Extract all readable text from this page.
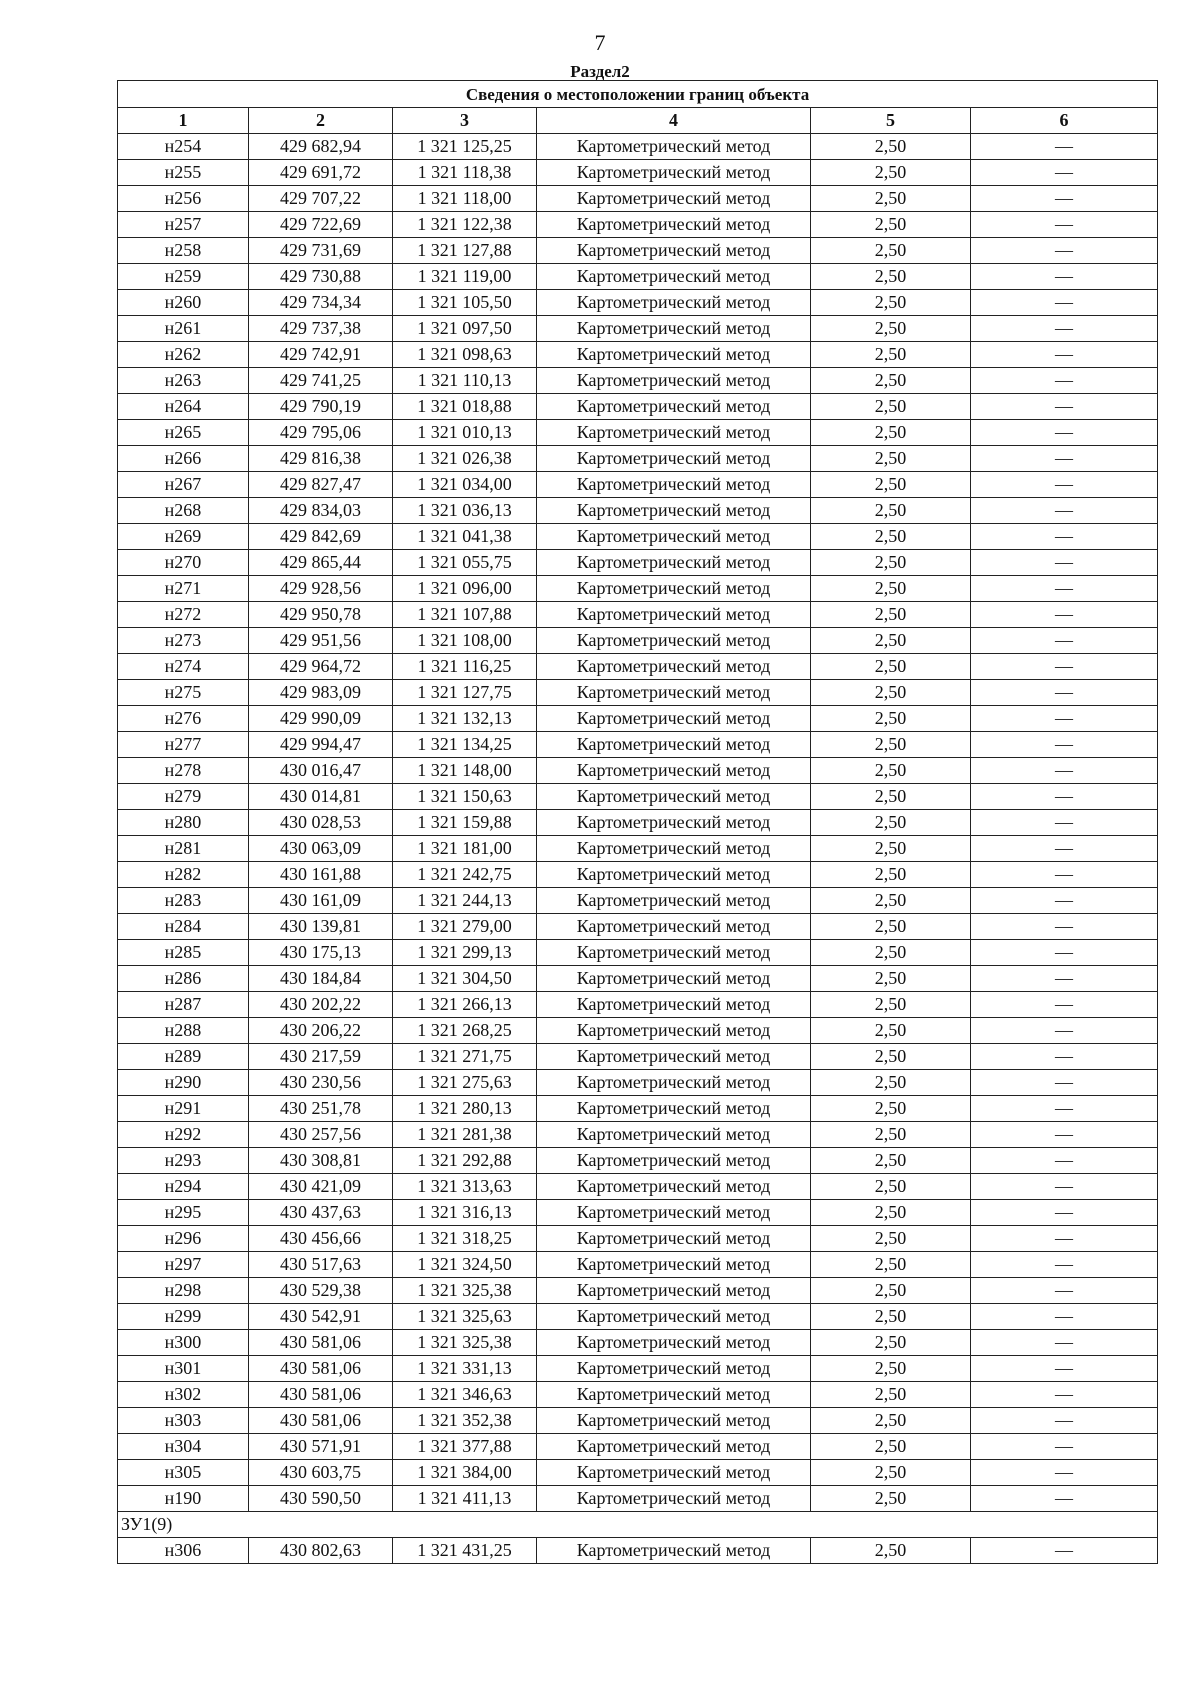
7
Раздел2
Сведения о местоположении границ объекта					
1	2	3	4	5	6
н254	429 682,94	1 321 125,25	Картометрический метод	2,50	—
н255	429 691,72	1 321 118,38	Картометрический метод	2,50	—
н256	429 707,22	1 321 118,00	Картометрический метод	2,50	—
н257	429 722,69	1 321 122,38	Картометрический метод	2,50	—
н258	429 731,69	1 321 127,88	Картометрический метод	2,50	—
н259	429 730,88	1 321 119,00	Картометрический метод	2,50	—
н260	429 734,34	1 321 105,50	Картометрический метод	2,50	—
н261	429 737,38	1 321 097,50	Картометрический метод	2,50	—
н262	429 742,91	1 321 098,63	Картометрический метод	2,50	—
н263	429 741,25	1 321 110,13	Картометрический метод	2,50	—
н264	429 790,19	1 321 018,88	Картометрический метод	2,50	—
н265	429 795,06	1 321 010,13	Картометрический метод	2,50	—
н266	429 816,38	1 321 026,38	Картометрический метод	2,50	—
н267	429 827,47	1 321 034,00	Картометрический метод	2,50	—
н268	429 834,03	1 321 036,13	Картометрический метод	2,50	—
н269	429 842,69	1 321 041,38	Картометрический метод	2,50	—
н270	429 865,44	1 321 055,75	Картометрический метод	2,50	—
н271	429 928,56	1 321 096,00	Картометрический метод	2,50	—
н272	429 950,78	1 321 107,88	Картометрический метод	2,50	—
н273	429 951,56	1 321 108,00	Картометрический метод	2,50	—
н274	429 964,72	1 321 116,25	Картометрический метод	2,50	—
н275	429 983,09	1 321 127,75	Картометрический метод	2,50	—
н276	429 990,09	1 321 132,13	Картометрический метод	2,50	—
н277	429 994,47	1 321 134,25	Картометрический метод	2,50	—
н278	430 016,47	1 321 148,00	Картометрический метод	2,50	—
н279	430 014,81	1 321 150,63	Картометрический метод	2,50	—
н280	430 028,53	1 321 159,88	Картометрический метод	2,50	—
н281	430 063,09	1 321 181,00	Картометрический метод	2,50	—
н282	430 161,88	1 321 242,75	Картометрический метод	2,50	—
н283	430 161,09	1 321 244,13	Картометрический метод	2,50	—
н284	430 139,81	1 321 279,00	Картометрический метод	2,50	—
н285	430 175,13	1 321 299,13	Картометрический метод	2,50	—
н286	430 184,84	1 321 304,50	Картометрический метод	2,50	—
н287	430 202,22	1 321 266,13	Картометрический метод	2,50	—
н288	430 206,22	1 321 268,25	Картометрический метод	2,50	—
н289	430 217,59	1 321 271,75	Картометрический метод	2,50	—
н290	430 230,56	1 321 275,63	Картометрический метод	2,50	—
н291	430 251,78	1 321 280,13	Картометрический метод	2,50	—
н292	430 257,56	1 321 281,38	Картометрический метод	2,50	—
н293	430 308,81	1 321 292,88	Картометрический метод	2,50	—
н294	430 421,09	1 321 313,63	Картометрический метод	2,50	—
н295	430 437,63	1 321 316,13	Картометрический метод	2,50	—
н296	430 456,66	1 321 318,25	Картометрический метод	2,50	—
н297	430 517,63	1 321 324,50	Картометрический метод	2,50	—
н298	430 529,38	1 321 325,38	Картометрический метод	2,50	—
н299	430 542,91	1 321 325,63	Картометрический метод	2,50	—
н300	430 581,06	1 321 325,38	Картометрический метод	2,50	—
н301	430 581,06	1 321 331,13	Картометрический метод	2,50	—
н302	430 581,06	1 321 346,63	Картометрический метод	2,50	—
н303	430 581,06	1 321 352,38	Картометрический метод	2,50	—
н304	430 571,91	1 321 377,88	Картометрический метод	2,50	—
н305	430 603,75	1 321 384,00	Картометрический метод	2,50	—
н190	430 590,50	1 321 411,13	Картометрический метод	2,50	—
ЗУ1(9)					
н306	430 802,63	1 321 431,25	Картометрический метод	2,50	—
